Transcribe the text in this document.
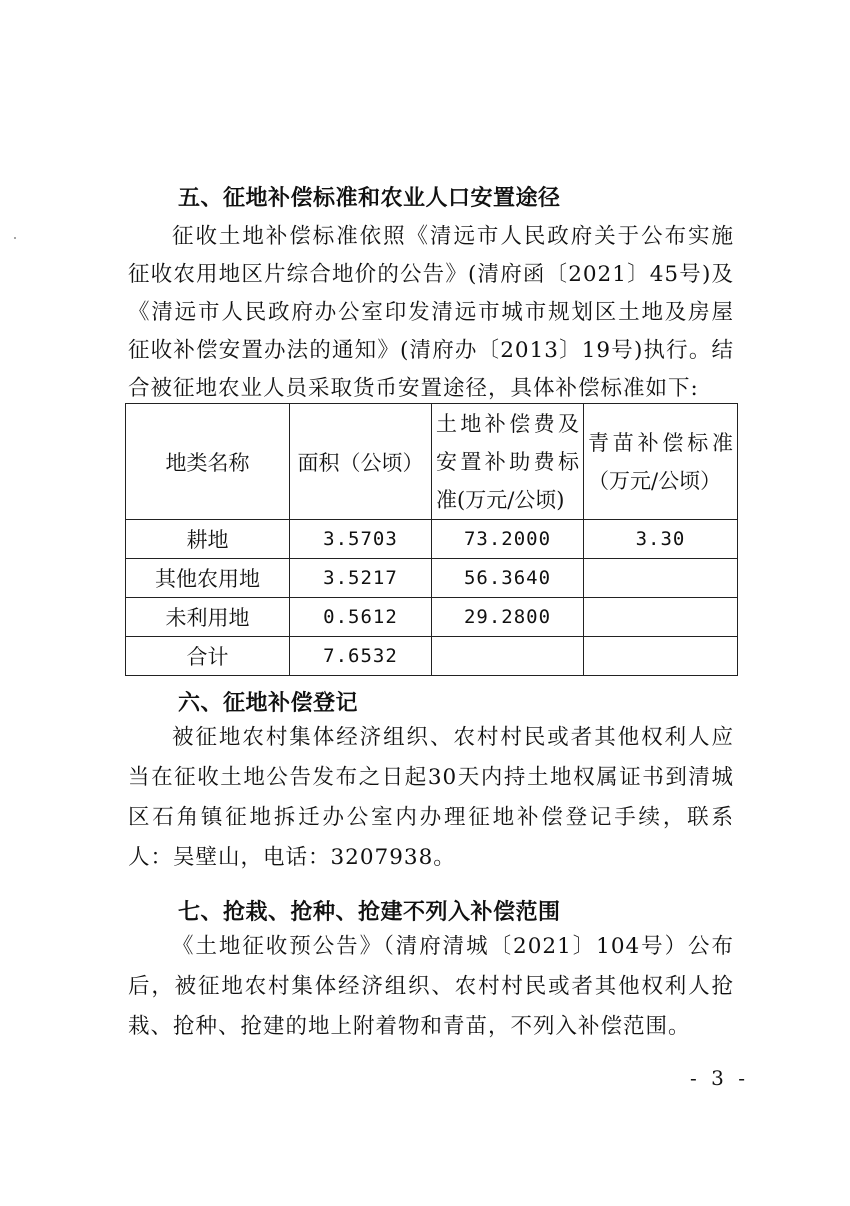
五、征地补偿标准和农业人口安置途径

征收土地补偿标准依照《清远市人民政府关于公布实施征收农用地区片综合地价的公告》(清府函〔2021〕45号)及《清远市人民政府办公室印发清远市城市规划区土地及房屋征收补偿安置办法的通知》(清府办〔2013〕19号)执行。结合被征地农业人员采取货币安置途径，具体补偿标准如下:

地类名称	面积（公顷）	土地补偿费及安置补助费标准(万元/公顷)	青苗补偿标准（万元/公顷）
耕地	3.5703	73.2000	3.30
其他农用地	3.5217	56.3640	
未利用地	0.5612	29.2800	
合计	7.6532		
六、征地补偿登记

被征地农村集体经济组织、农村村民或者其他权利人应当在征收土地公告发布之日起30天内持土地权属证书到清城区石角镇征地拆迁办公室内办理征地补偿登记手续，联系人：吴壁山，电话：3207938。

七、抢栽、抢种、抢建不列入补偿范围

《土地征收预公告》（清府清城〔2021〕104号）公布后，被征地农村集体经济组织、农村村民或者其他权利人抢栽、抢种、抢建的地上附着物和青苗，不列入补偿范围。

- 3 -
